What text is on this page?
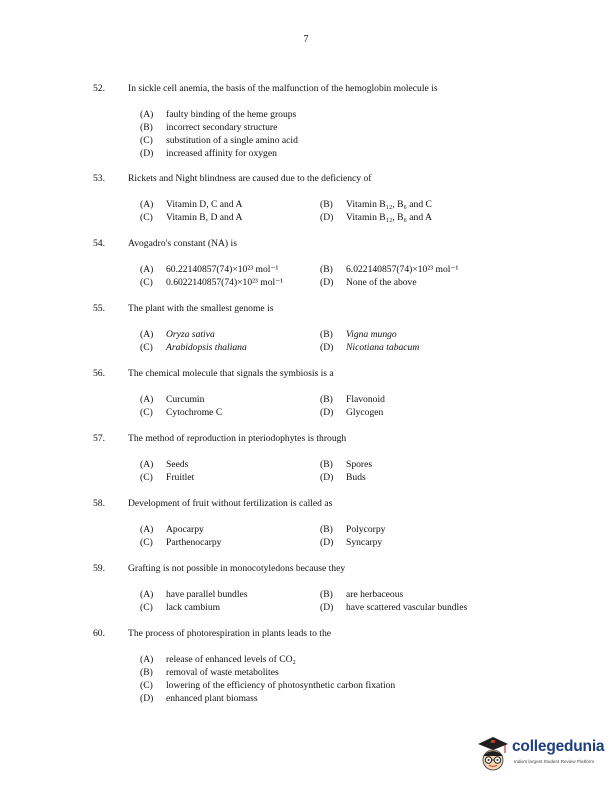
7
52. In sickle cell anemia, the basis of the malfunction of the hemoglobin molecule is
(A)	faulty binding of the heme groups
(B)	incorrect secondary structure
(C)	substitution of a single amino acid
(D)	increased affinity for oxygen
53. Rickets and Night blindness are caused due to the deficiency of
(A)	Vitamin D, C and A	(B)	Vitamin B₁₂, B₆ and C
(C)	Vitamin B, D and A	(D)	Vitamin B₁₂, B₆ and A
54. Avogadro's constant (NA) is
(A)	60.22140857(74)×10²³ mol⁻¹	(B)	6.022140857(74)×10²³ mol⁻¹
(C)	0.6022140857(74)×10²³ mol⁻¹	(D)	None of the above
55. The plant with the smallest genome is
(A)	Oryza sativa	(B)	Vigna mungo
(C)	Arabidopsis thaliana	(D)	Nicotiana tabacum
56. The chemical molecule that signals the symbiosis is a
(A)	Curcumin	(B)	Flavonoid
(C)	Cytochrome C	(D)	Glycogen
57. The method of reproduction in pteriodophytes is through
(A)	Seeds	(B)	Spores
(C)	Fruitlet	(D)	Buds
58. Development of fruit without fertilization is called as
(A)	Apocarpy	(B)	Polycorpy
(C)	Parthenocarpy	(D)	Syncarpy
59. Grafting is not possible in monocotyledons because they
(A)	have parallel bundles	(B)	are herbaceous
(C)	lack cambium	(D)	have scattered vascular bundles
60. The process of photorespiration in plants leads to the
(A)	release of enhanced levels of CO₂
(B)	removal of waste metabolites
(C)	lowering of the efficiency of photosynthetic carbon fixation
(D)	enhanced plant biomass
collegedunia
India's largest Student Review Platform
